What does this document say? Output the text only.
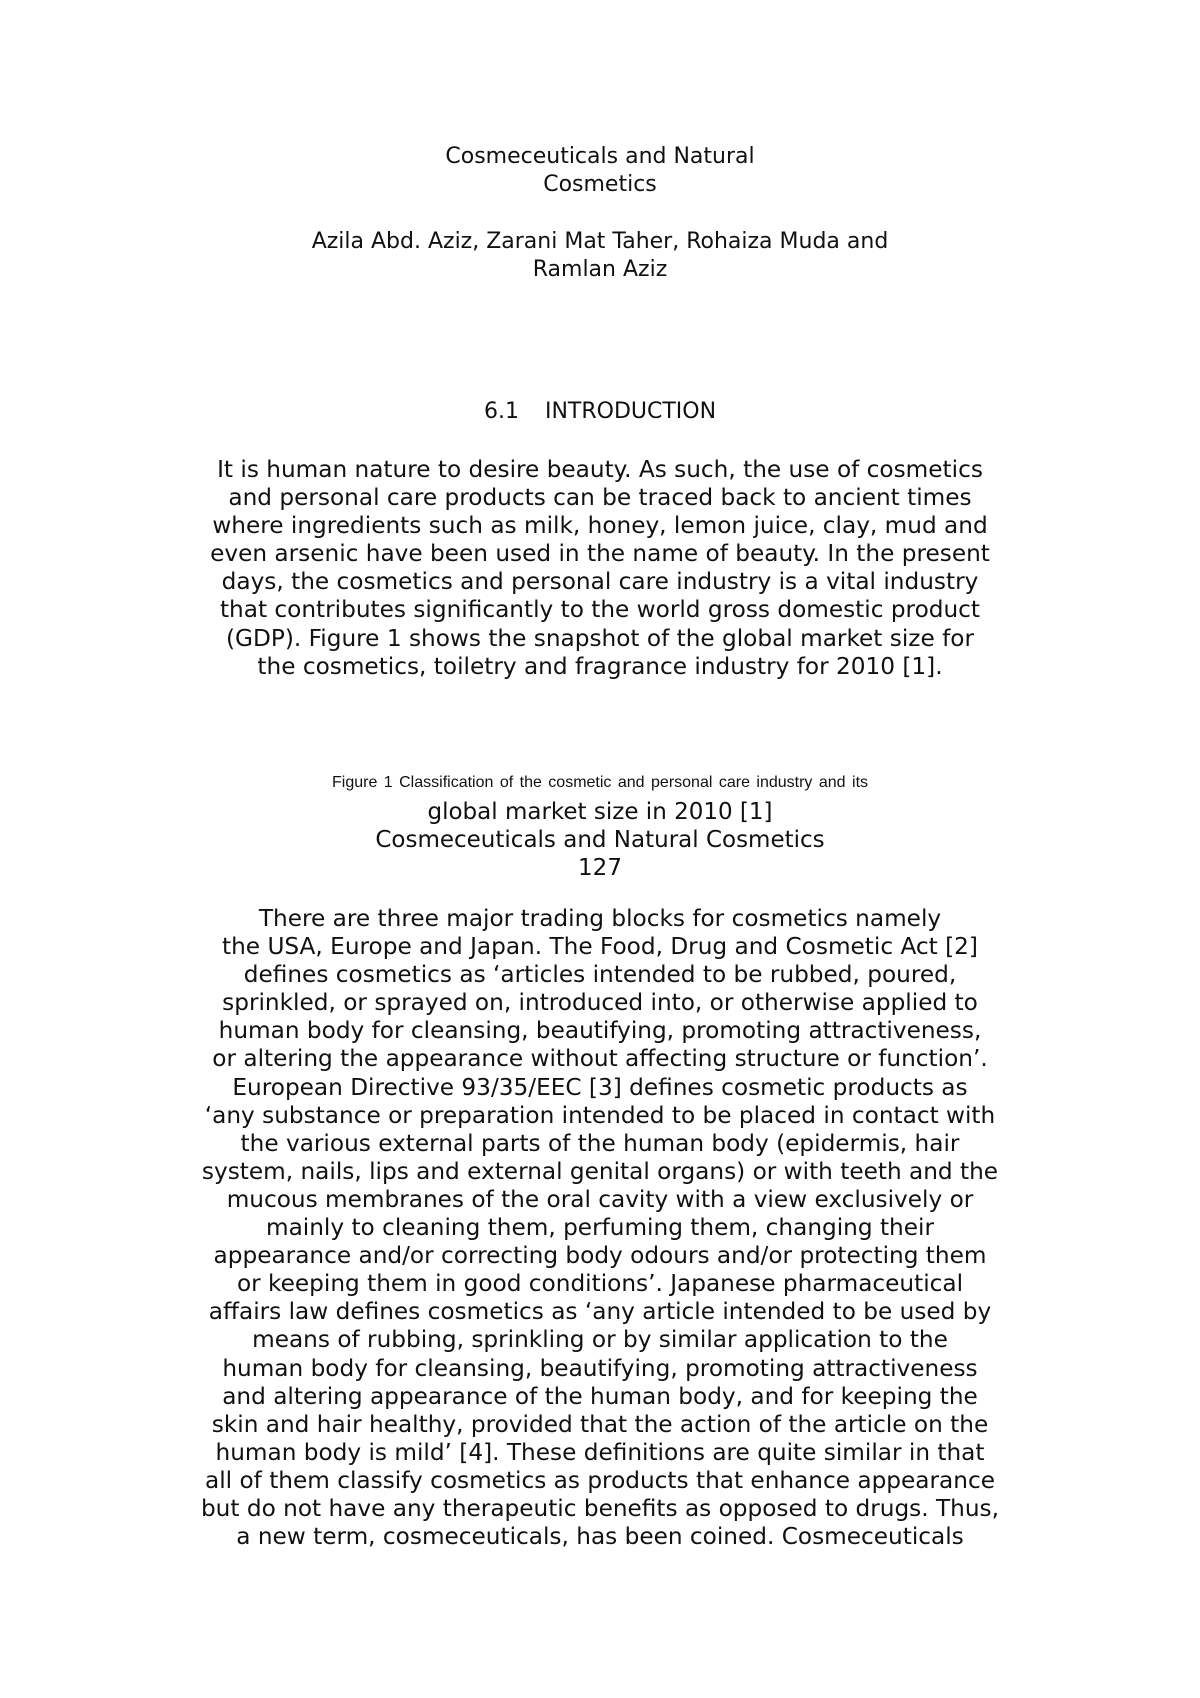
Cosmeceuticals and Natural
Cosmetics
Azila Abd. Aziz, Zarani Mat Taher, Rohaiza Muda and
Ramlan Aziz
6.1 INTRODUCTION
It is human nature to desire beauty. As such, the use of cosmetics
and personal care products can be traced back to ancient times
where ingredients such as milk, honey, lemon juice, clay, mud and
even arsenic have been used in the name of beauty. In the present
days, the cosmetics and personal care industry is a vital industry
that contributes significantly to the world gross domestic product
(GDP). Figure 1 shows the snapshot of the global market size for
the cosmetics, toiletry and fragrance industry for 2010 [1].
Figure 1 Classification of the cosmetic and personal care industry and its
global market size in 2010 [1]
Cosmeceuticals and Natural Cosmetics
127
There are three major trading blocks for cosmetics namely
the USA, Europe and Japan. The Food, Drug and Cosmetic Act [2]
defines cosmetics as ‘articles intended to be rubbed, poured,
sprinkled, or sprayed on, introduced into, or otherwise applied to
human body for cleansing, beautifying, promoting attractiveness,
or altering the appearance without affecting structure or function’.
European Directive 93/35/EEC [3] defines cosmetic products as
‘any substance or preparation intended to be placed in contact with
the various external parts of the human body (epidermis, hair
system, nails, lips and external genital organs) or with teeth and the
mucous membranes of the oral cavity with a view exclusively or
mainly to cleaning them, perfuming them, changing their
appearance and/or correcting body odours and/or protecting them
or keeping them in good conditions’. Japanese pharmaceutical
affairs law defines cosmetics as ‘any article intended to be used by
means of rubbing, sprinkling or by similar application to the
human body for cleansing, beautifying, promoting attractiveness
and altering appearance of the human body, and for keeping the
skin and hair healthy, provided that the action of the article on the
human body is mild’ [4]. These definitions are quite similar in that
all of them classify cosmetics as products that enhance appearance
but do not have any therapeutic benefits as opposed to drugs. Thus,
a new term, cosmeceuticals, has been coined. Cosmeceuticals
